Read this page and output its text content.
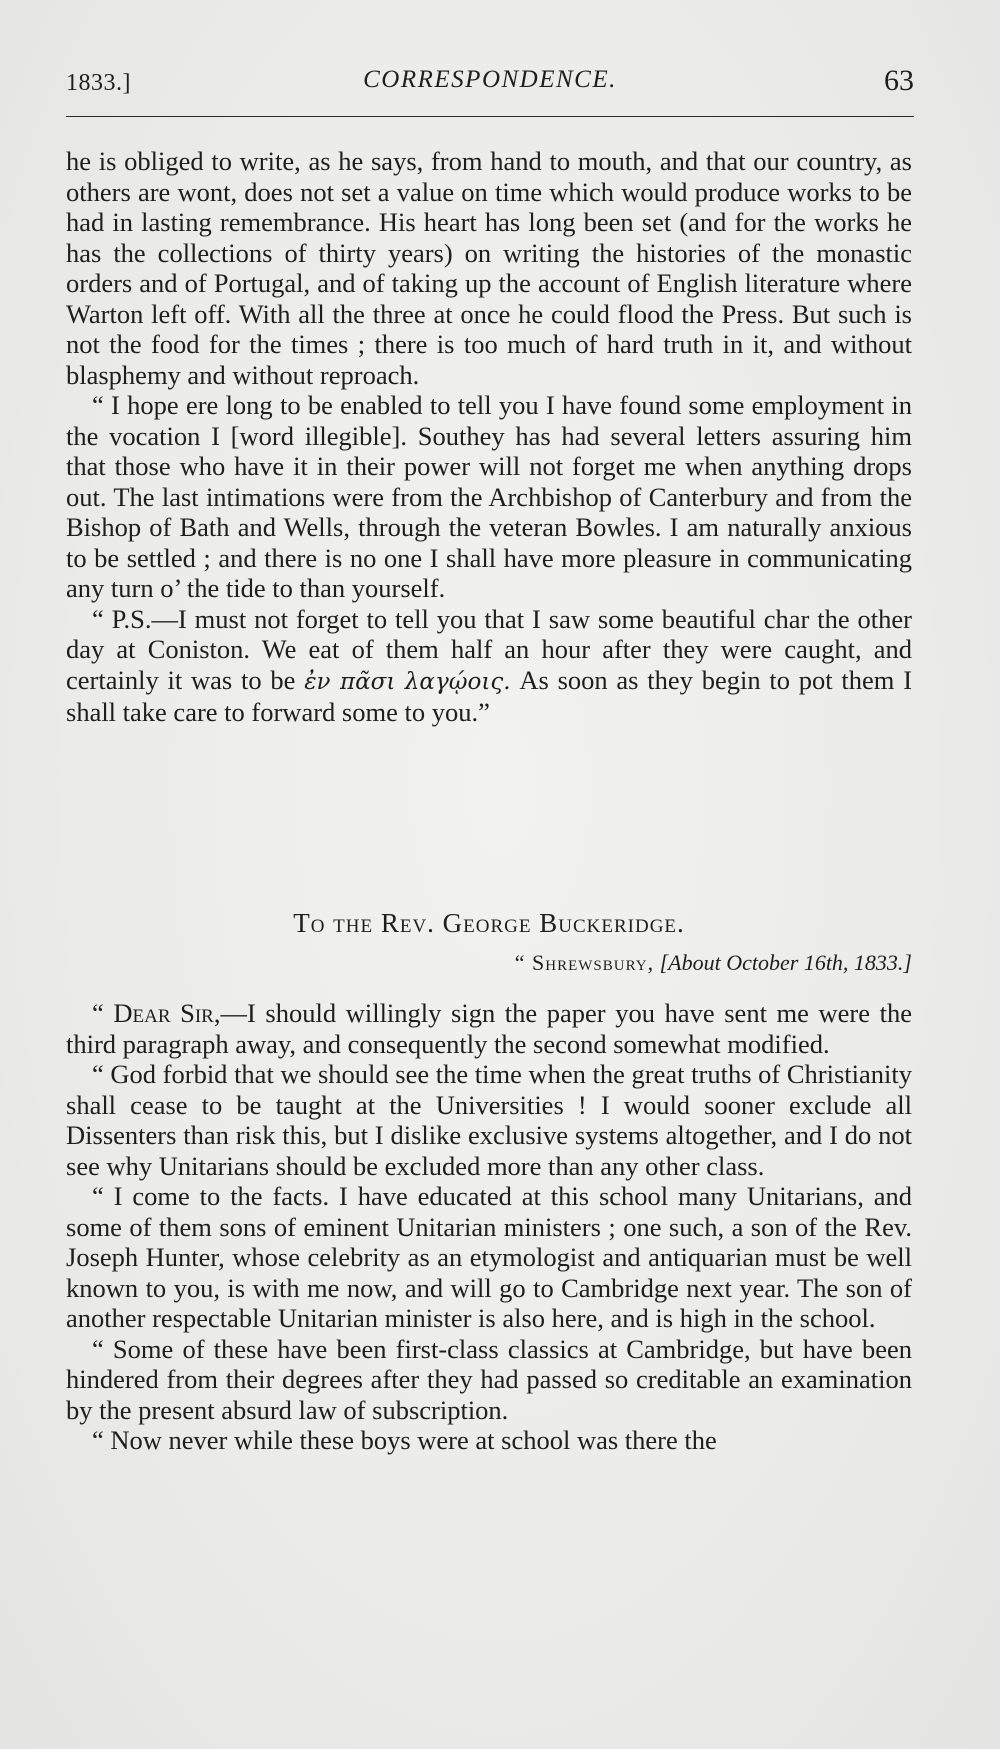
1833.]	CORRESPONDENCE.	63

he is obliged to write, as he says, from hand to mouth, and that our country, as others are wont, does not set a value on time which would produce works to be had in lasting remembrance. His heart has long been set (and for the works he has the collections of thirty years) on writing the histories of the monastic orders and of Portugal, and of taking up the account of English literature where Warton left off. With all the three at once he could flood the Press. But such is not the food for the times ; there is too much of hard truth in it, and without blasphemy and without reproach.

“ I hope ere long to be enabled to tell you I have found some employment in the vocation I [word illegible]. Southey has had several letters assuring him that those who have it in their power will not forget me when anything drops out. The last intimations were from the Archbishop of Canterbury and from the Bishop of Bath and Wells, through the veteran Bowles. I am naturally anxious to be settled ; and there is no one I shall have more pleasure in communicating any turn o’ the tide to than yourself.

“ P.S.—I must not forget to tell you that I saw some beautiful char the other day at Coniston. We eat of them half an hour after they were caught, and certainly it was to be ἐν πᾶσι λαγῴοις. As soon as they begin to pot them I shall take care to forward some to you.”

To the Rev. George Buckeridge.
“ Shrewsbury, [About October 16th, 1833.]

“ Dear Sir,—I should willingly sign the paper you have sent me were the third paragraph away, and consequently the second somewhat modified.

“ God forbid that we should see the time when the great truths of Christianity shall cease to be taught at the Universities ! I would sooner exclude all Dissenters than risk this, but I dislike exclusive systems altogether, and I do not see why Unitarians should be excluded more than any other class.

“ I come to the facts. I have educated at this school many Unitarians, and some of them sons of eminent Unitarian ministers ; one such, a son of the Rev. Joseph Hunter, whose celebrity as an etymologist and antiquarian must be well known to you, is with me now, and will go to Cambridge next year. The son of another respectable Unitarian minister is also here, and is high in the school.

“ Some of these have been first-class classics at Cambridge, but have been hindered from their degrees after they had passed so creditable an examination by the present absurd law of subscription.

“ Now never while these boys were at school was there the
